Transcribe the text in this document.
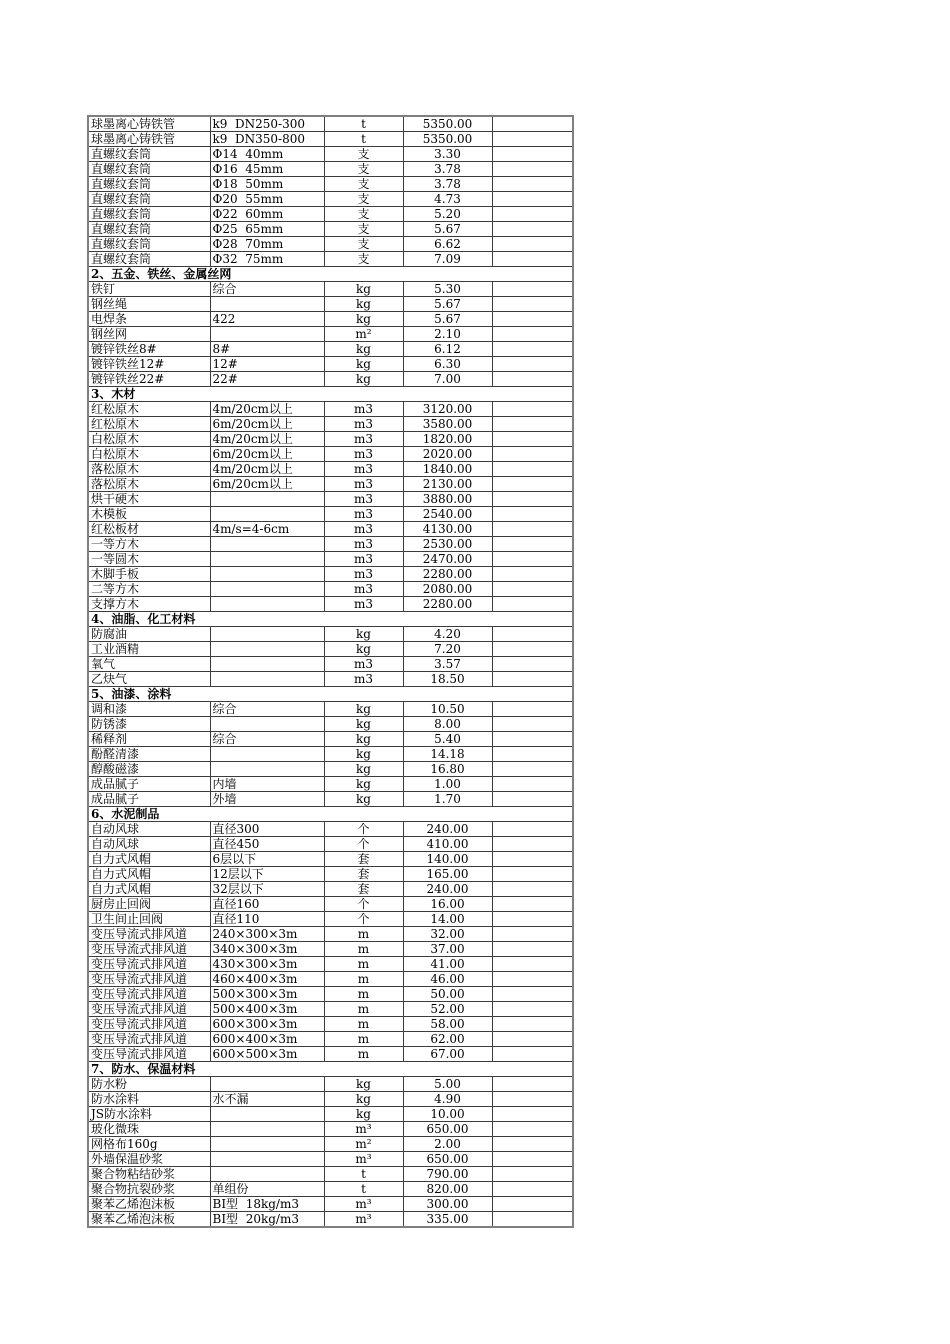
球墨离心铸铁管	k9  DN250-300	t	5350.00	
球墨离心铸铁管	k9  DN350-800	t	5350.00	
直螺纹套筒	Φ14  40mm	支	3.30	
直螺纹套筒	Φ16  45mm	支	3.78	
直螺纹套筒	Φ18  50mm	支	3.78	
直螺纹套筒	Φ20  55mm	支	4.73	
直螺纹套筒	Φ22  60mm	支	5.20	
直螺纹套筒	Φ25  65mm	支	5.67	
直螺纹套筒	Φ28  70mm	支	6.62	
直螺纹套筒	Φ32  75mm	支	7.09	
2、五金、铁丝、金属丝网				
铁钉	综合	kg	5.30	
钢丝绳		kg	5.67	
电焊条	422	kg	5.67	
钢丝网		m²	2.10	
镀锌铁丝8#	8#	kg	6.12	
镀锌铁丝12#	12#	kg	6.30	
镀锌铁丝22#	22#	kg	7.00	
3、木材				
红松原木	4m/20cm以上	m3	3120.00	
红松原木	6m/20cm以上	m3	3580.00	
白松原木	4m/20cm以上	m3	1820.00	
白松原木	6m/20cm以上	m3	2020.00	
落松原木	4m/20cm以上	m3	1840.00	
落松原木	6m/20cm以上	m3	2130.00	
烘干硬木		m3	3880.00	
木模板		m3	2540.00	
红松板材	4m/s=4-6cm	m3	4130.00	
一等方木		m3	2530.00	
一等圆木		m3	2470.00	
木脚手板		m3	2280.00	
二等方木		m3	2080.00	
支撑方木		m3	2280.00	
4、油脂、化工材料				
防腐油		kg	4.20	
工业酒精		kg	7.20	
氧气		m3	3.57	
乙炔气		m3	18.50	
5、油漆、涂料				
调和漆	综合	kg	10.50	
防锈漆		kg	8.00	
稀释剂	综合	kg	5.40	
酚醛清漆		kg	14.18	
醇酸磁漆		kg	16.80	
成品腻子	内墙	kg	1.00	
成品腻子	外墙	kg	1.70	
6、水泥制品				
自动风球	直径300	个	240.00	
自动风球	直径450	个	410.00	
自力式风帽	6层以下	套	140.00	
自力式风帽	12层以下	套	165.00	
自力式风帽	32层以下	套	240.00	
厨房止回阀	直径160	个	16.00	
卫生间止回阀	直径110	个	14.00	
变压导流式排风道	240×300×3m	m	32.00	
变压导流式排风道	340×300×3m	m	37.00	
变压导流式排风道	430×300×3m	m	41.00	
变压导流式排风道	460×400×3m	m	46.00	
变压导流式排风道	500×300×3m	m	50.00	
变压导流式排风道	500×400×3m	m	52.00	
变压导流式排风道	600×300×3m	m	58.00	
变压导流式排风道	600×400×3m	m	62.00	
变压导流式排风道	600×500×3m	m	67.00	
7、防水、保温材料				
防水粉		kg	5.00	
防水涂料	水不漏	kg	4.90	
JS防水涂料		kg	10.00	
玻化微珠		m³	650.00	
网格布160g		m²	2.00	
外墙保温砂浆		m³	650.00	
聚合物粘结砂浆		t	790.00	
聚合物抗裂砂浆	单组份	t	820.00	
聚苯乙烯泡沫板	BI型  18kg/m3	m³	300.00	
聚苯乙烯泡沫板	BI型  20kg/m3	m³	335.00	
